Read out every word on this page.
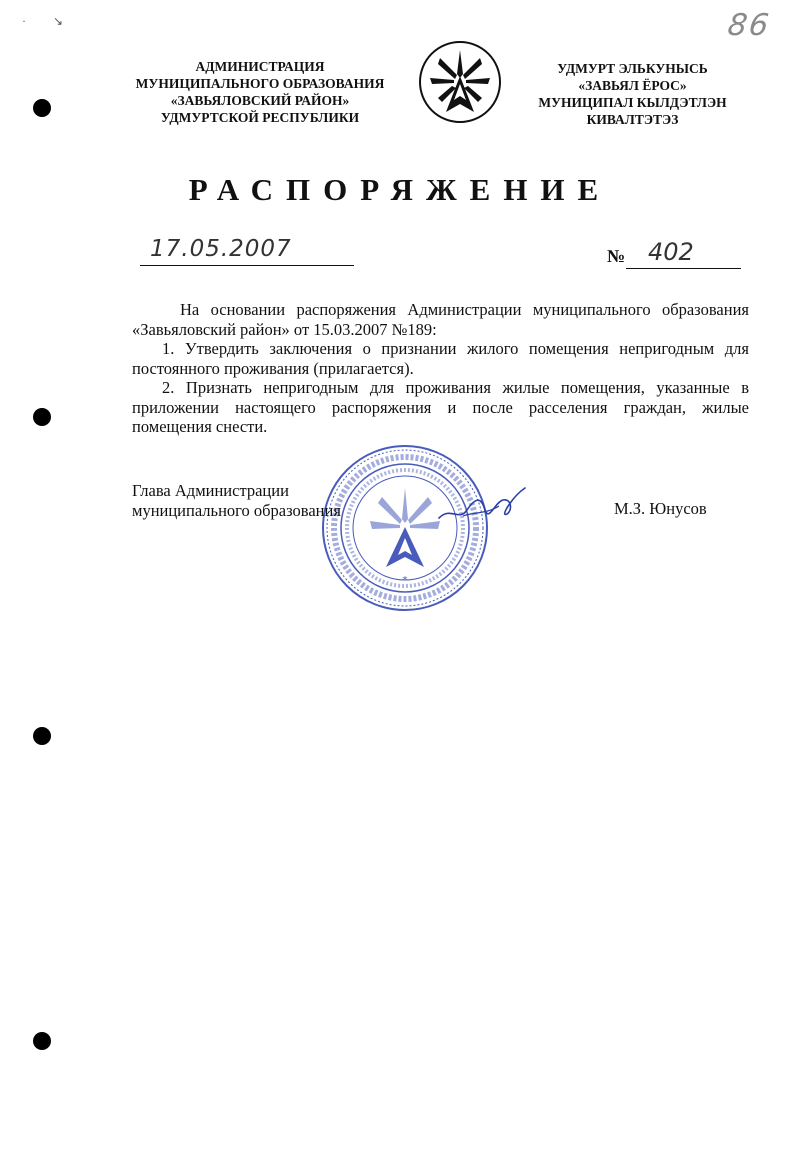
· ↘	86
АДМИНИСТРАЦИЯ
МУНИЦИПАЛЬНОГО ОБРАЗОВАНИЯ
«ЗАВЬЯЛОВСКИЙ РАЙОН»
УДМУРТСКОЙ РЕСПУБЛИКИ
УДМУРТ ЭЛЬКУНЫСЬ
«ЗАВЬЯЛ ЁРОС»
МУНИЦИПАЛ КЫЛДЭТЛЭН
КИВАЛТЭТЭЗ
РАСПОРЯЖЕНИЕ
17.05.2007	№ 402

На основании распоряжения Администрации муниципального образования «Завьяловский район» от 15.03.2007 №189:

1. Утвердить заключения о признании жилого помещения непригодным для постоянного проживания (прилагается).

2. Признать непригодным для проживания жилые помещения, указанные в приложении настоящего распоряжения и после расселения граждан, жилые помещения снести.

*
Глава Администрации
муниципального образования	М.З. Юнусов
